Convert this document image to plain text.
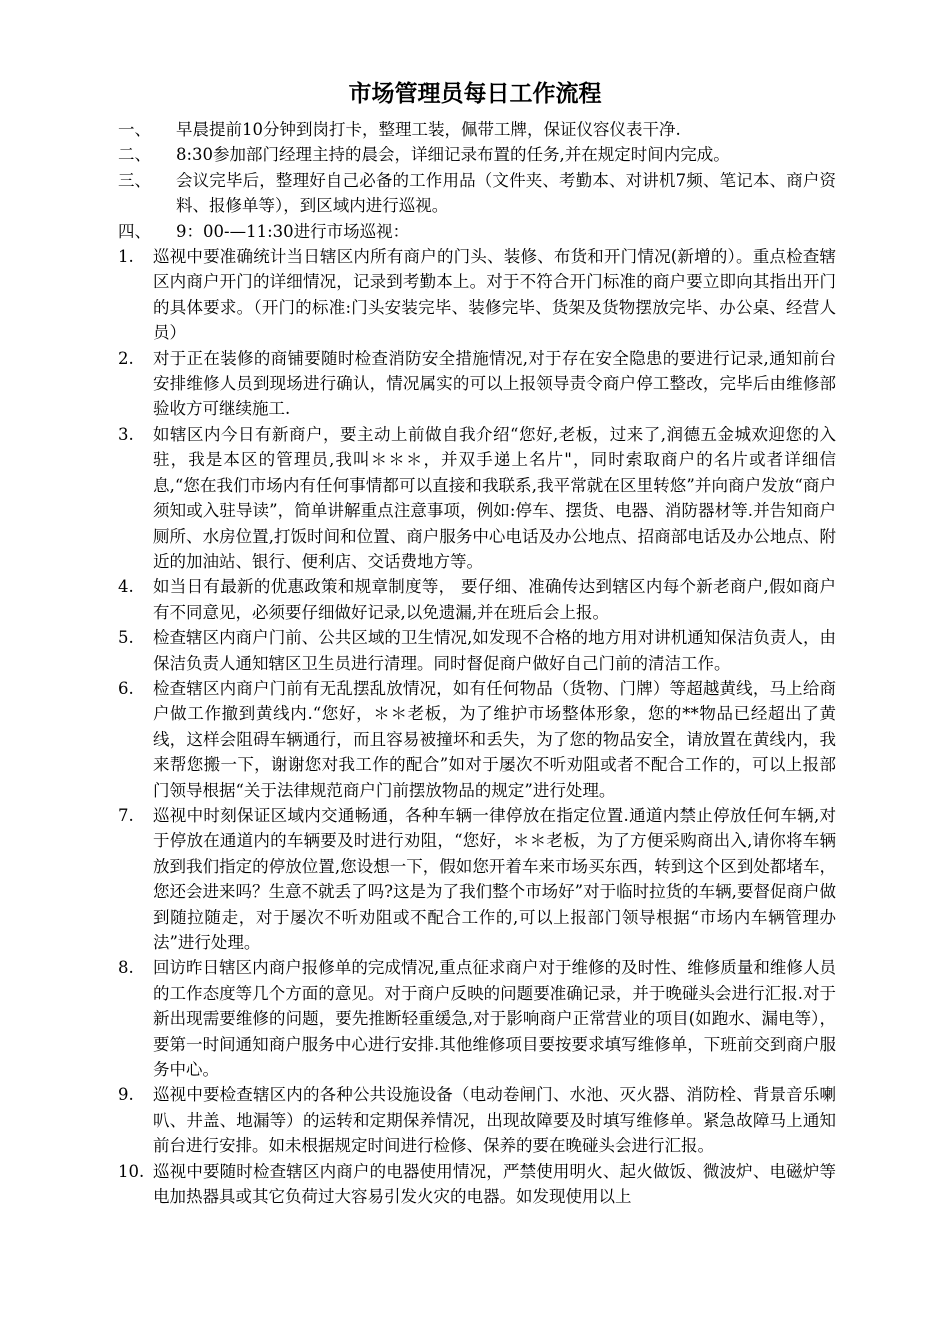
市场管理员每日工作流程
一、 早晨提前10分钟到岗打卡，整理工装，佩带工牌，保证仪容仪表干净.
二、 8:30参加部门经理主持的晨会，详细记录布置的任务,并在规定时间内完成。
三、 会议完毕后，整理好自己必备的工作用品（文件夹、考勤本、对讲机7频、笔记本、商户资料、报修单等），到区域内进行巡视。
四、 9：00-—11:30进行市场巡视：
1. 巡视中要准确统计当日辖区内所有商户的门头、装修、布货和开门情况(新增的）。重点检查辖区内商户开门的详细情况，记录到考勤本上。对于不符合开门标准的商户要立即向其指出开门的具体要求。（开门的标准:门头安装完毕、装修完毕、货架及货物摆放完毕、办公桌、经营人员）
2. 对于正在装修的商铺要随时检查消防安全措施情况,对于存在安全隐患的要进行记录,通知前台安排维修人员到现场进行确认，情况属实的可以上报领导责令商户停工整改，完毕后由维修部验收方可继续施工.
3. 如辖区内今日有新商户，要主动上前做自我介绍“您好,老板，过来了,润德五金城欢迎您的入驻，我是本区的管理员,我叫＊＊＊，并双手递上名片"，同时索取商户的名片或者详细信息,“您在我们市场内有任何事情都可以直接和我联系,我平常就在区里转悠”并向商户发放“商户须知或入驻导读”，简单讲解重点注意事项，例如:停车、摆货、电器、消防器材等.并告知商户厕所、水房位置,打饭时间和位置、商户服务中心电话及办公地点、招商部电话及办公地点、附近的加油站、银行、便利店、交话费地方等。
4. 如当日有最新的优惠政策和规章制度等， 要仔细、准确传达到辖区内每个新老商户,假如商户有不同意见，必须要仔细做好记录,以免遗漏,并在班后会上报。
5. 检查辖区内商户门前、公共区域的卫生情况,如发现不合格的地方用对讲机通知保洁负责人，由保洁负责人通知辖区卫生员进行清理。同时督促商户做好自己门前的清洁工作。
6. 检查辖区内商户门前有无乱摆乱放情况，如有任何物品（货物、门牌）等超越黄线，马上给商户做工作撤到黄线内.“您好，＊＊老板，为了维护市场整体形象，您的**物品已经超出了黄线，这样会阻碍车辆通行，而且容易被撞坏和丢失，为了您的物品安全，请放置在黄线内，我来帮您搬一下，谢谢您对我工作的配合”如对于屡次不听劝阻或者不配合工作的，可以上报部门领导根据“关于法律规范商户门前摆放物品的规定”进行处理。
7. 巡视中时刻保证区域内交通畅通，各种车辆一律停放在指定位置.通道内禁止停放任何车辆,对于停放在通道内的车辆要及时进行劝阻，“您好，＊＊老板，为了方便采购商出入,请你将车辆放到我们指定的停放位置,您设想一下，假如您开着车来市场买东西，转到这个区到处都堵车，您还会进来吗？生意不就丢了吗?这是为了我们整个市场好”对于临时拉货的车辆,要督促商户做到随拉随走，对于屡次不听劝阻或不配合工作的,可以上报部门领导根据“市场内车辆管理办法”进行处理。
8. 回访昨日辖区内商户报修单的完成情况,重点征求商户对于维修的及时性、维修质量和维修人员的工作态度等几个方面的意见。对于商户反映的问题要准确记录，并于晚碰头会进行汇报.对于新出现需要维修的问题，要先推断轻重缓急,对于影响商户正常营业的项目(如跑水、漏电等），要第一时间通知商户服务中心进行安排.其他维修项目要按要求填写维修单，下班前交到商户服务中心。
9. 巡视中要检查辖区内的各种公共设施设备（电动卷闸门、水池、灭火器、消防栓、背景音乐喇叭、井盖、地漏等）的运转和定期保养情况，出现故障要及时填写维修单。紧急故障马上通知前台进行安排。如未根据规定时间进行检修、保养的要在晚碰头会进行汇报。
10. 巡视中要随时检查辖区内商户的电器使用情况，严禁使用明火、起火做饭、微波炉、电磁炉等电加热器具或其它负荷过大容易引发火灾的电器。如发现使用以上
